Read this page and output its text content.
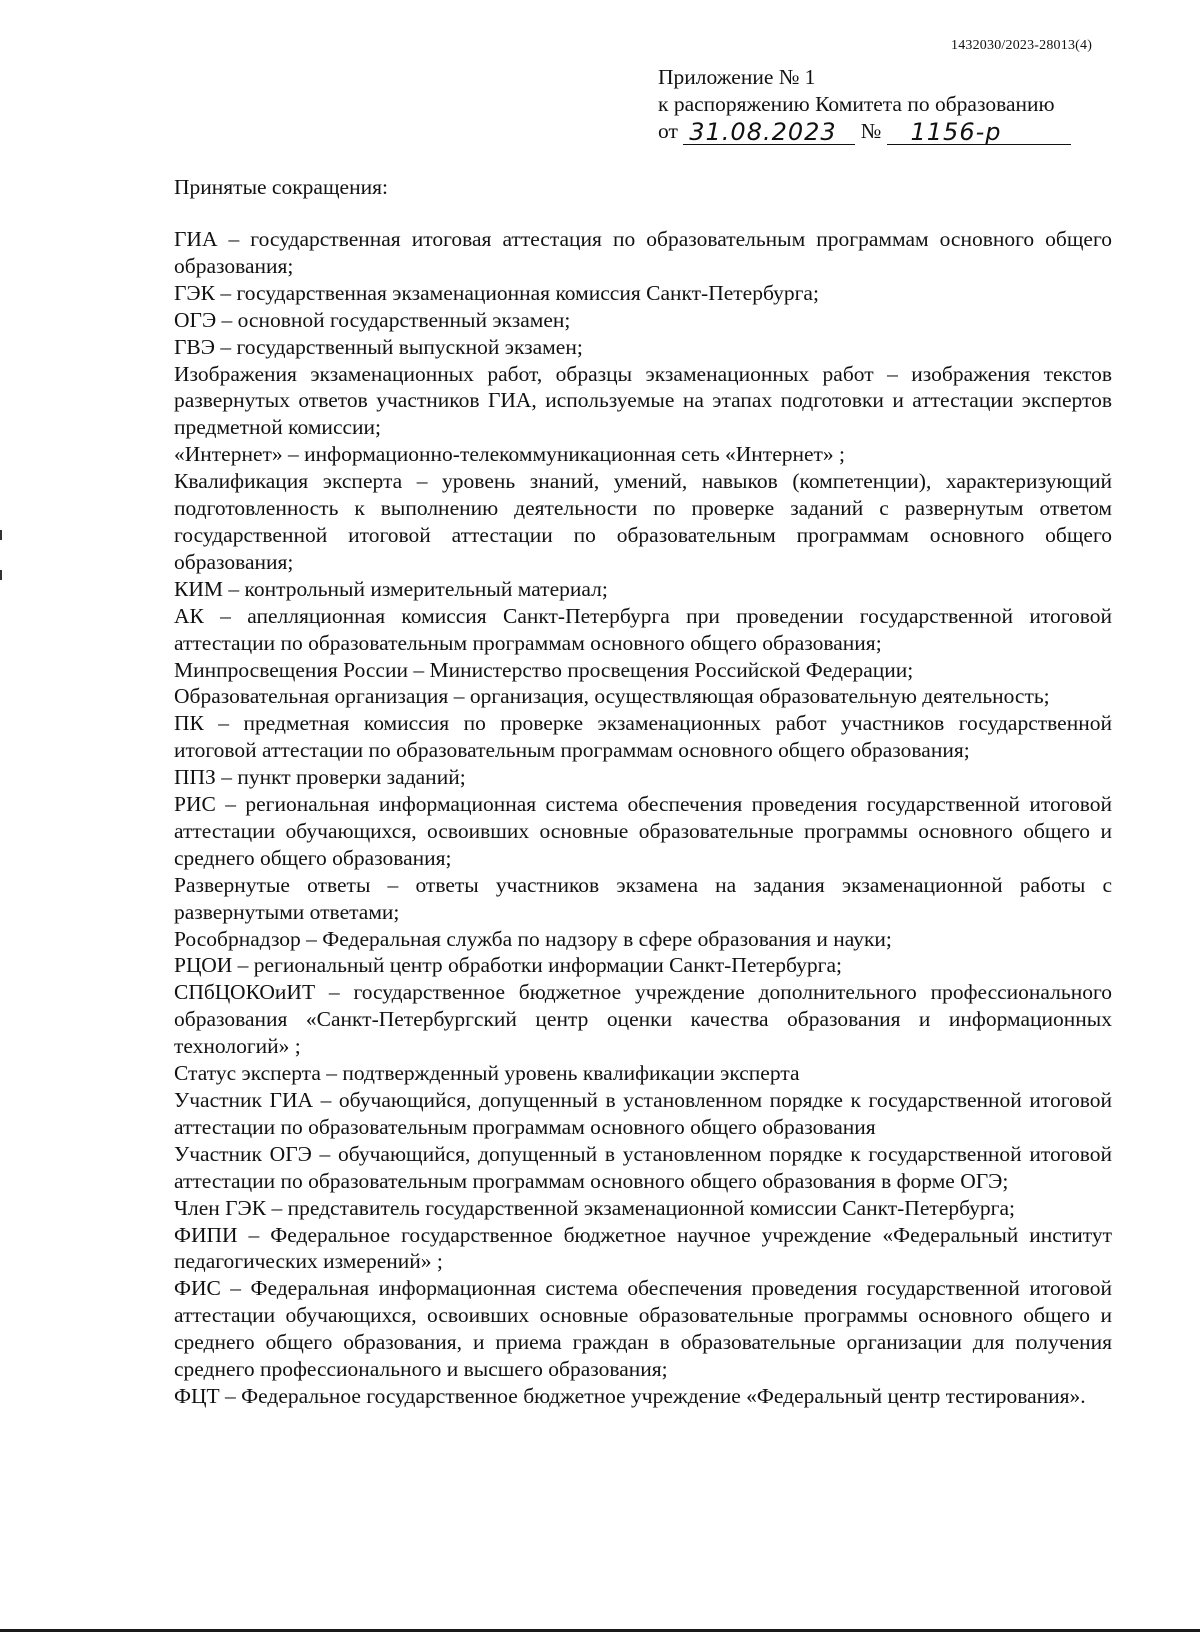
1432030/2023-28013(4)
Приложение № 1
к распоряжению Комитета по образованию
от 31.08.2023 № 1156-р
Принятые сокращения:

ГИА – государственная итоговая аттестация по образовательным программам основного общего образования;

ГЭК – государственная экзаменационная комиссия Санкт-Петербурга;

ОГЭ – основной государственный экзамен;

ГВЭ – государственный выпускной экзамен;

Изображения экзаменационных работ, образцы экзаменационных работ – изображения текстов развернутых ответов участников ГИА, используемые на этапах подготовки и аттестации экспертов предметной комиссии;

«Интернет» – информационно-телекоммуникационная сеть «Интернет» ;

Квалификация эксперта – уровень знаний, умений, навыков (компетенции), характеризующий подготовленность к выполнению деятельности по проверке заданий с развернутым ответом государственной итоговой аттестации по образовательным программам основного общего образования;

КИМ – контрольный измерительный материал;

АК – апелляционная комиссия Санкт-Петербурга при проведении государственной итоговой аттестации по образовательным программам основного общего образования;

Минпросвещения России – Министерство просвещения Российской Федерации;

Образовательная организация – организация, осуществляющая образовательную деятельность;

ПК – предметная комиссия по проверке экзаменационных работ участников государственной итоговой аттестации по образовательным программам основного общего образования;

ППЗ – пункт проверки заданий;

РИС – региональная информационная система обеспечения проведения государственной итоговой аттестации обучающихся, освоивших основные образовательные программы основного общего и среднего общего образования;

Развернутые ответы – ответы участников экзамена на задания экзаменационной работы с развернутыми ответами;

Рособрнадзор – Федеральная служба по надзору в сфере образования и науки;

РЦОИ – региональный центр обработки информации Санкт-Петербурга;

СПбЦОКОиИТ – государственное бюджетное учреждение дополнительного профессионального образования «Санкт-Петербургский центр оценки качества образования и информационных технологий» ;

Статус эксперта – подтвержденный уровень квалификации эксперта

Участник ГИА – обучающийся, допущенный в установленном порядке к государственной итоговой аттестации по образовательным программам основного общего образования

Участник ОГЭ – обучающийся, допущенный в установленном порядке к государственной итоговой аттестации по образовательным программам основного общего образования в форме ОГЭ;

Член ГЭК – представитель государственной экзаменационной комиссии Санкт-Петербурга;

ФИПИ – Федеральное государственное бюджетное научное учреждение «Федеральный институт педагогических измерений» ;

ФИС – Федеральная информационная система обеспечения проведения государственной итоговой аттестации обучающихся, освоивших основные образовательные программы основного общего и среднего общего образования, и приема граждан в образовательные организации для получения среднего профессионального и высшего образования;

ФЦТ – Федеральное государственное бюджетное учреждение «Федеральный центр тестирования».
